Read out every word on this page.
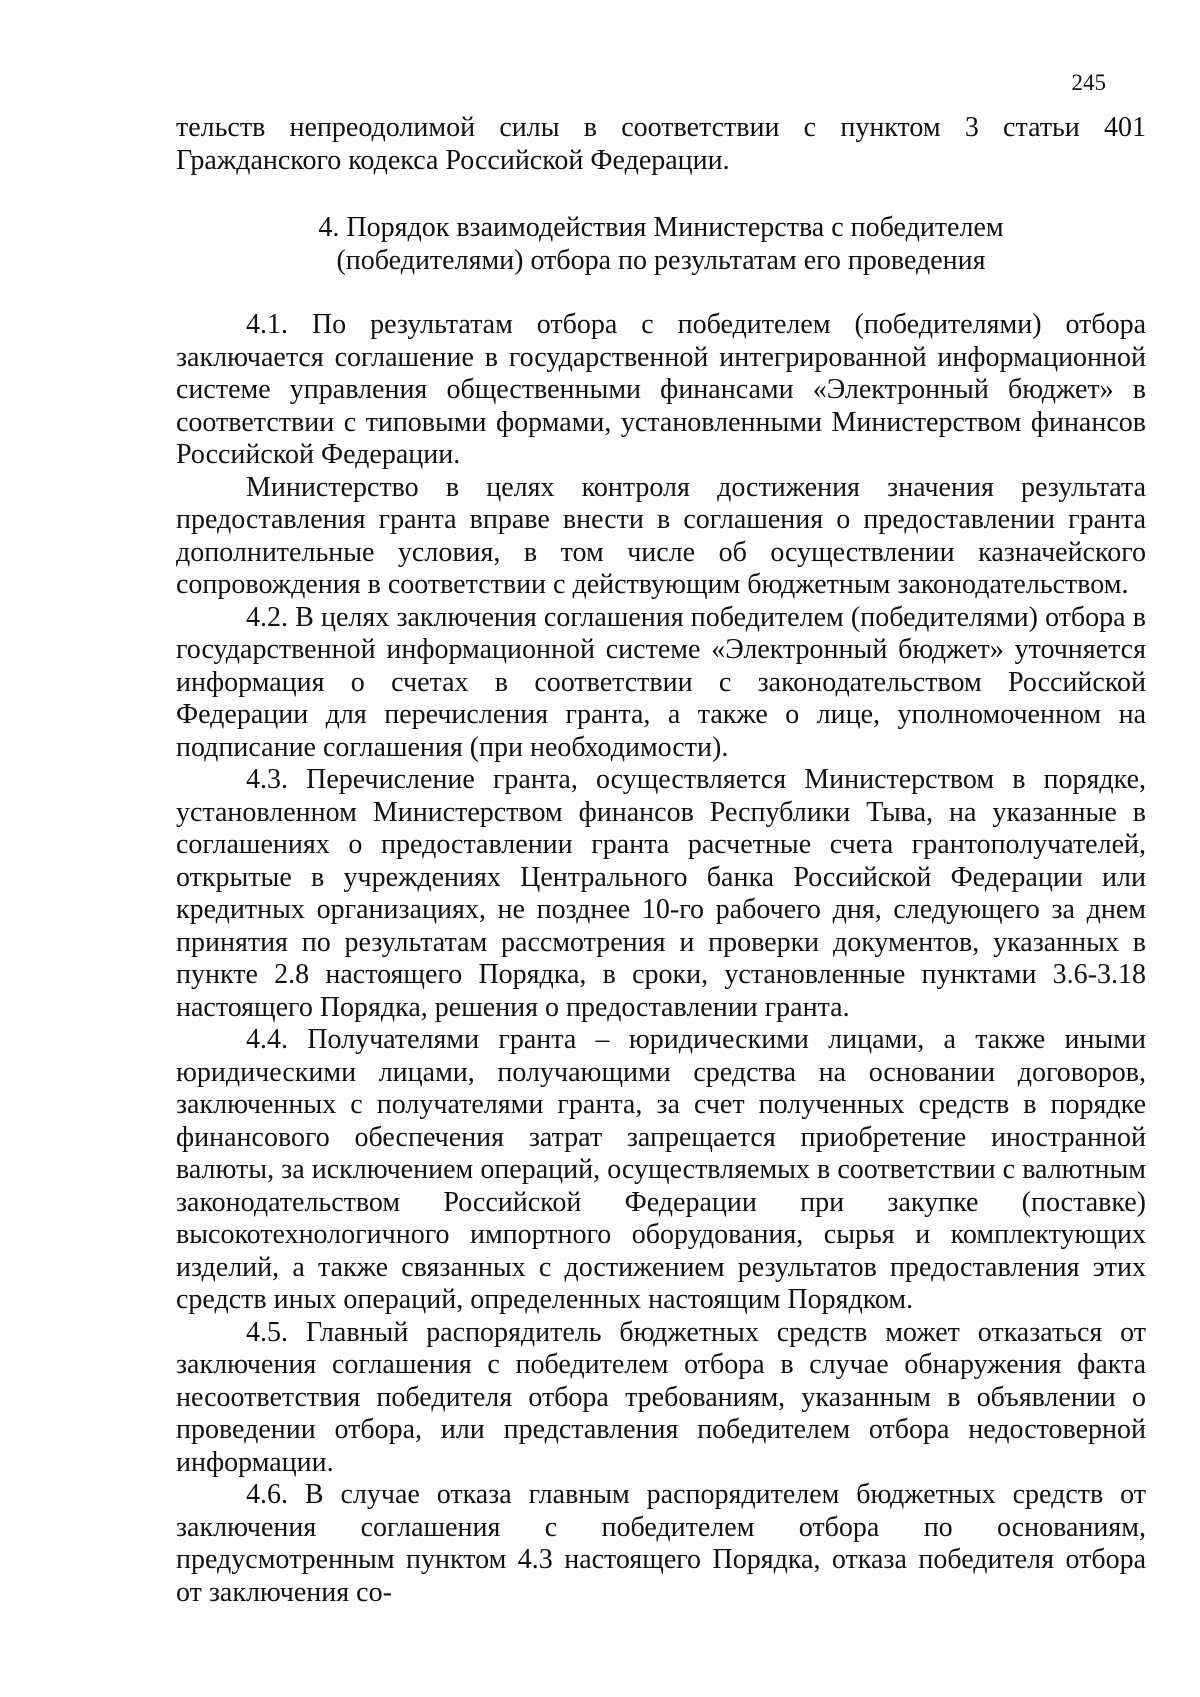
245

тельств непреодолимой силы в соответствии с пунктом 3 статьи 401 Гражданского кодекса Российской Федерации.

4. Порядок взаимодействия Министерства с победителем
(победителями) отбора по результатам его проведения

4.1. По результатам отбора с победителем (победителями) отбора заключается соглашение в государственной интегрированной информационной системе управления общественными финансами «Электронный бюджет» в соответствии с типовыми формами, установленными Министерством финансов Российской Федерации.

Министерство в целях контроля достижения значения результата предоставления гранта вправе внести в соглашения о предоставлении гранта дополнительные условия, в том числе об осуществлении казначейского сопровождения в соответствии с действующим бюджетным законодательством.

4.2. В целях заключения соглашения победителем (победителями) отбора в государственной информационной системе «Электронный бюджет» уточняется информация о счетах в соответствии с законодательством Российской Федерации для перечисления гранта, а также о лице, уполномоченном на подписание соглашения (при необходимости).

4.3. Перечисление гранта, осуществляется Министерством в порядке, установленном Министерством финансов Республики Тыва, на указанные в соглашениях о предоставлении гранта расчетные счета грантополучателей, открытые в учреждениях Центрального банка Российской Федерации или кредитных организациях, не позднее 10-го рабочего дня, следующего за днем принятия по результатам рассмотрения и проверки документов, указанных в пункте 2.8 настоящего Порядка, в сроки, установленные пунктами 3.6-3.18 настоящего Порядка, решения о предоставлении гранта.

4.4. Получателями гранта – юридическими лицами, а также иными юридическими лицами, получающими средства на основании договоров, заключенных с получателями гранта, за счет полученных средств в порядке финансового обеспечения затрат запрещается приобретение иностранной валюты, за исключением операций, осуществляемых в соответствии с валютным законодательством Российской Федерации при закупке (поставке) высокотехнологичного импортного оборудования, сырья и комплектующих изделий, а также связанных с достижением результатов предоставления этих средств иных операций, определенных настоящим Порядком.

4.5. Главный распорядитель бюджетных средств может отказаться от заключения соглашения с победителем отбора в случае обнаружения факта несоответствия победителя отбора требованиям, указанным в объявлении о проведении отбора, или представления победителем отбора недостоверной информации.

4.6. В случае отказа главным распорядителем бюджетных средств от заключения соглашения с победителем отбора по основаниям, предусмотренным пунктом 4.3 настоящего Порядка, отказа победителя отбора от заключения со-
